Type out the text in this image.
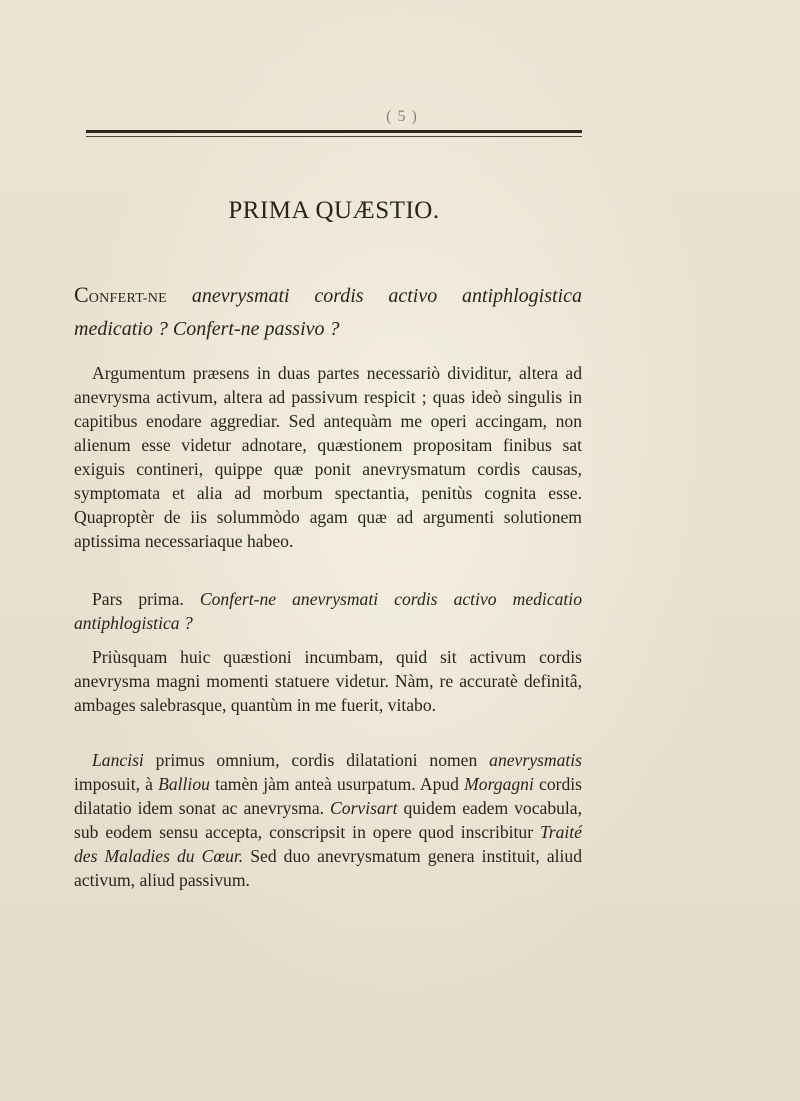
( 5 )
PRIMA QUÆSTIO.
CONFERT-NE anevrysmati cordis activo antiphlogistica medicatio ? Confert-ne passivo ?
Argumentum præsens in duas partes necessariò dividitur, altera ad anevrysma activum, altera ad passivum respicit ; quas ideò singulis in capitibus enodare aggrediar. Sed antequàm me operi accingam, non alienum esse videtur adnotare, quæstionem propositam finibus sat exiguis contineri, quippe quæ ponit anevrysmatum cordis causas, symptomata et alia ad morbum spectantia, penitùs cognita esse. Quaproptèr de iis solummòdo agam quæ ad argumenti solutionem aptissima necessariaque habeo.
Pars prima. Confert-ne anevrysmati cordis activo medicatio antiphlogistica ?
Priùsquam huic quæstioni incumbam, quid sit activum cordis anevrysma magni momenti statuere videtur. Nàm, re accuratè definitâ, ambages salebrasque, quantùm in me fuerit, vitabo.
Lancisi primus omnium, cordis dilatationi nomen anevrysmatis imposuit, à Balliou tamèn jàm anteà usurpatum. Apud Morgagni cordis dilatatio idem sonat ac anevrysma. Corvisart quidem eadem vocabula, sub eodem sensu accepta, conscripsit in opere quod inscribitur Traité des Maladies du Cœur. Sed duo anevrysmatum genera instituit, aliud activum, aliud passivum.
